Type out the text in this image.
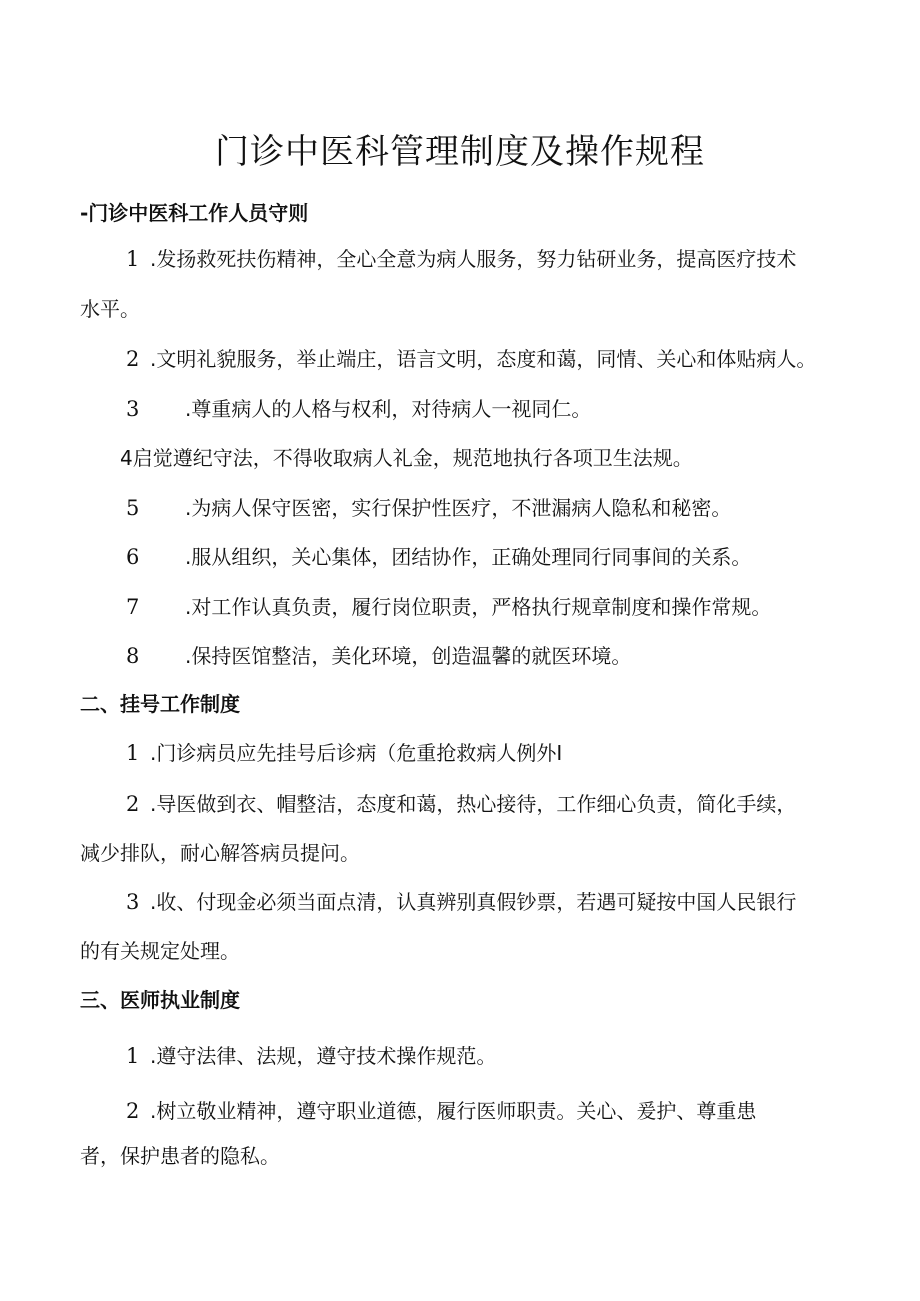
门诊中医科管理制度及操作规程
-门诊中医科工作人员守则
1 .发扬救死扶伤精神，全心全意为病人服务，努力钻研业务，提高医疗技术
水平。
2 .文明礼貌服务，举止端庄，语言文明，态度和蔼，同情、关心和体贴病人。
3 .尊重病人的人格与权利，对待病人一视同仁。
4启觉遵纪守法，不得收取病人礼金，规范地执行各项卫生法规。
5 .为病人保守医密，实行保护性医疗，不泄漏病人隐私和秘密。
6 .服从组织，关心集体，团结协作，正确处理同行同事间的关系。
7 .对工作认真负责，履行岗位职责，严格执行规章制度和操作常规。
8 .保持医馆整洁，美化环境，创造温馨的就医环境。
二、挂号工作制度
1 .门诊病员应先挂号后诊病（危重抢救病人例外I
2 .导医做到衣、帽整洁，态度和蔼，热心接待，工作细心负责，简化手续，
减少排队，耐心解答病员提问。
3 .收、付现金必须当面点清，认真辨别真假钞票，若遇可疑按中国人民银行
的有关规定处理。
三、医师执业制度
1 .遵守法律、法规，遵守技术操作规范。
2 .树立敬业精神，遵守职业道德，履行医师职责。关心、爰护、尊重患
者，保护患者的隐私。
